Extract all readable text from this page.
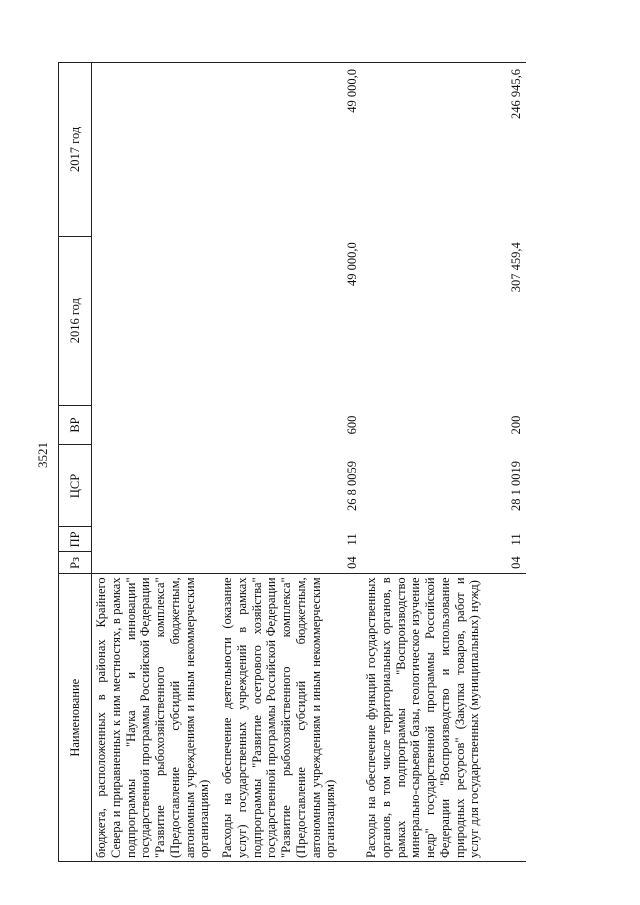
3521
Наименование	Рз	ПР	ЦСР	ВР	2016 год	2017 год
бюджета, расположенных в районах Крайнего Севера и приравненных к ним местностях, в рамках подпрограммы "Наука и инновации" государственной программы Российской Федерации "Развитие рыбохозяйственного комплекса" (Предоставление субсидий бюджетным, автономным учреждениям и иным некоммерческим организациям)						
Расходы на обеспечение деятельности (оказание услуг) государственных учреждений в рамках подпрограммы "Развитие осетрового хозяйства" государственной программы Российской Федерации "Развитие рыбохозяйственного комплекса" (Предоставление субсидий бюджетным, автономным учреждениям и иным некоммерческим организациям)	04	11	26 8 0059	600	49 000,0	49 000,0
Расходы на обеспечение функций государственных органов, в том числе территориальных органов, в рамках подпрограммы "Воспроизводство минерально-сырьевой базы, геологическое изучение недр" государственной программы Российской Федерации "Воспроизводство и использование природных ресурсов" (Закупка товаров, работ и услуг для государственных (муниципальных) нужд)	04	11	28 1 0019	200	307 459,4	246 945,6
